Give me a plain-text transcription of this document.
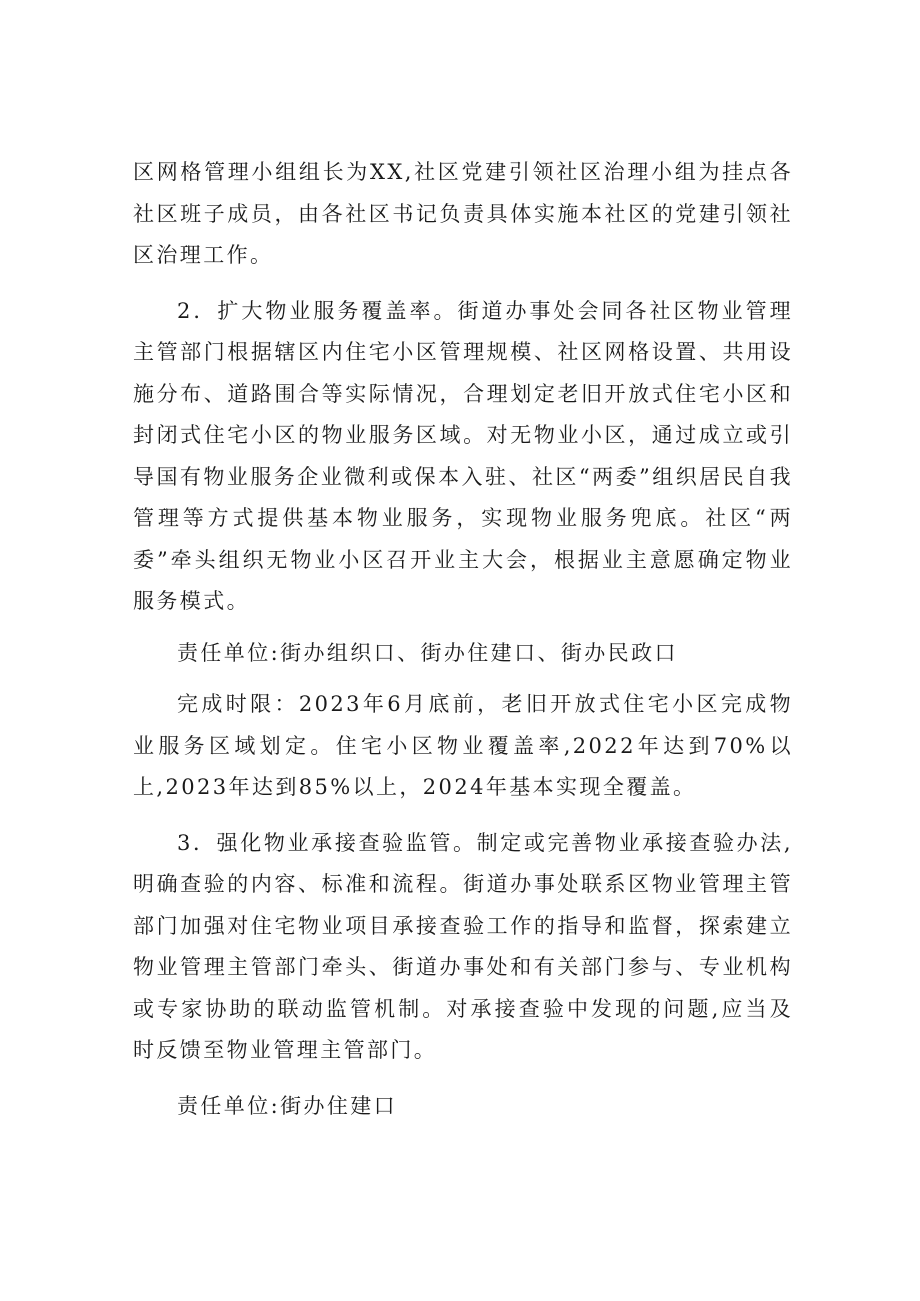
区网格管理小组组长为XX,社区党建引领社区治理小组为挂点各社区班子成员，由各社区书记负责具体实施本社区的党建引领社区治理工作。

2．扩大物业服务覆盖率。街道办事处会同各社区物业管理主管部门根据辖区内住宅小区管理规模、社区网格设置、共用设施分布、道路围合等实际情况，合理划定老旧开放式住宅小区和封闭式住宅小区的物业服务区域。对无物业小区，通过成立或引导国有物业服务企业微利或保本入驻、社区“两委”组织居民自我管理等方式提供基本物业服务，实现物业服务兜底。社区“两委”牵头组织无物业小区召开业主大会，根据业主意愿确定物业服务模式。

责任单位:街办组织口、街办住建口、街办民政口

完成时限：2023年6月底前，老旧开放式住宅小区完成物业服务区域划定。住宅小区物业覆盖率,2022年达到70%以上,2023年达到85%以上，2024年基本实现全覆盖。

3．强化物业承接查验监管。制定或完善物业承接查验办法,明确查验的内容、标准和流程。街道办事处联系区物业管理主管部门加强对住宅物业项目承接查验工作的指导和监督，探索建立物业管理主管部门牵头、街道办事处和有关部门参与、专业机构或专家协助的联动监管机制。对承接查验中发现的问题,应当及时反馈至物业管理主管部门。

责任单位:街办住建口
